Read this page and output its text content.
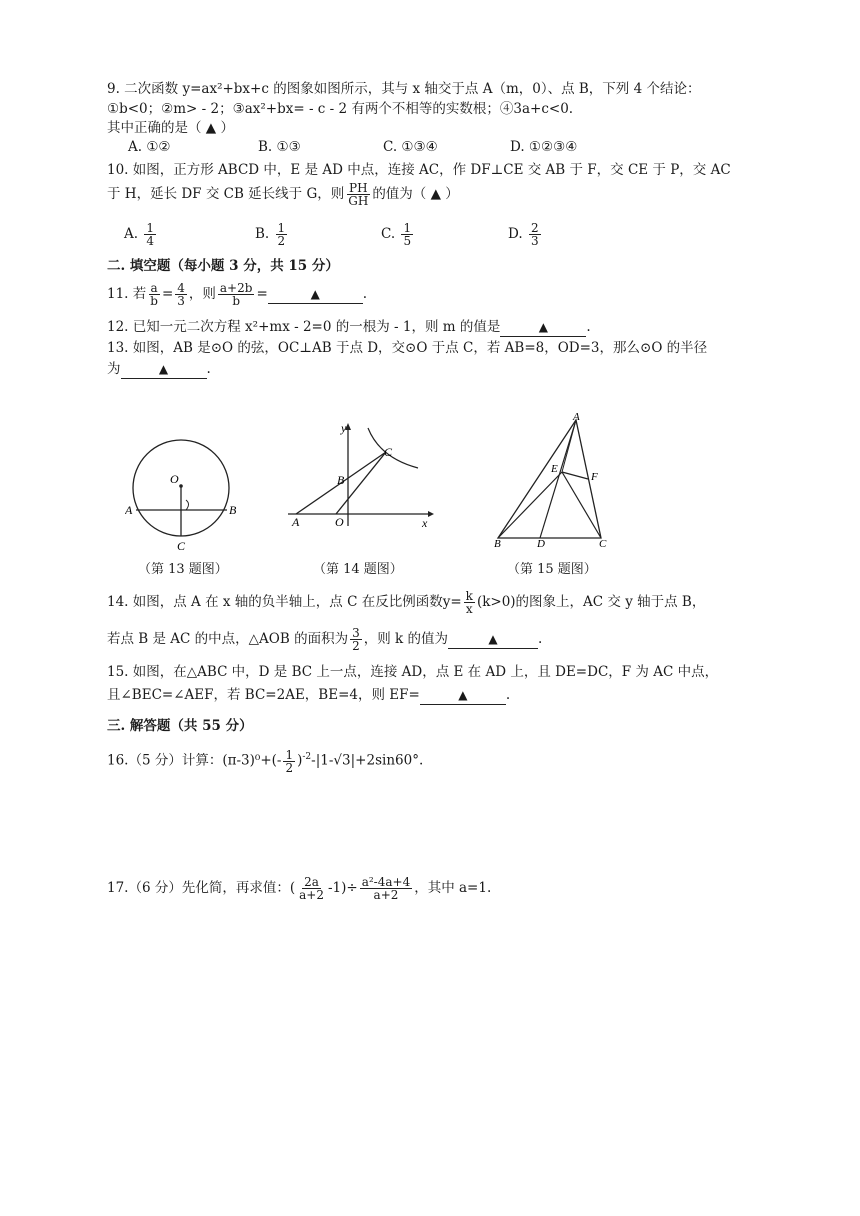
9. 二次函数 y=ax²+bx+c 的图象如图所示，其与 x 轴交于点 A（m，0）、点 B，下列 4 个结论：
①b<0；②m> - 2；③ax²+bx= - c - 2 有两个不相等的实数根；④3a+c<0.
其中正确的是（ ▲ ）
A. ①②	B. ①③	C. ①③④	D. ①②③④
10. 如图，正方形 ABCD 中，E 是 AD 中点，连接 AC，作 DF⊥CE 交 AB 于 F，交 CE 于 P，交 AC
于 H，延长 DF 交 CB 延长线于 G，则 $\frac{PH}{GH}$ 的值为（ ▲ ）
A. $\frac{1}{4}$	B. $\frac{1}{2}$	C. $\frac{1}{5}$	D. $\frac{2}{3}$
二. 填空题（每小题 3 分，共 15 分）
11. 若 $\frac{a}{b} = \frac{4}{3}$ ，则 $\frac{a+2b}{b}$ =	▲	.
12. 已知一元二次方程 x²+mx - 2=0 的一根为 - 1，则 m 的值是	▲	.
13. 如图，AB 是⊙O 的弦，OC⊥AB 于点 D，交⊙O 于点 C，若 AB=8，OD=3，那么⊙O 的半径
为	▲	.
O
A	B
C
（第 13 题图）
y
C
B
A	O	x
（第 14 题图）
A
E
F
B	D	C
（第 15 题图）
14. 如图，点 A 在 x 轴的负半轴上，点 C 在反比例函数$y= \frac{k}{x} (k>0)$的图象上，AC 交 y 轴于点 B，
若点 B 是 AC 的中点，△AOB 的面积为 $\frac{3}{2}$ ，则 k 的值为	▲	.
15. 如图，在△ABC 中，D 是 BC 上一点，连接 AD，点 E 在 AD 上，且 DE=DC，F 为 AC 中点，
且∠BEC=∠AEF，若 BC=2AE，BE=4，则 EF=	▲	.
三. 解答题（共 55 分）
16.（5 分）计算：$(\pi-3)^0+(- \frac{1}{2} )^{-2}-|1-√3|+2\sin 60^\circ$.
17.（6 分）先化简，再求值：( $\frac{2a}{a+2} -1)\div \frac{\text{a²-4a+4}}{a+2}$ ，其中 a=1.
